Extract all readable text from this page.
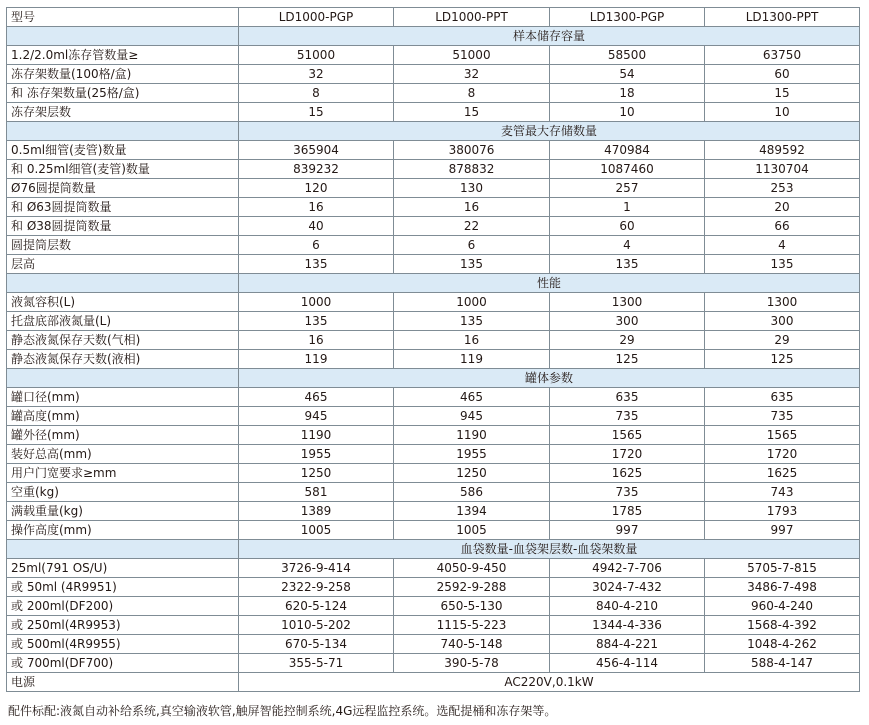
型号	LD1000-PGP	LD1000-PPT	LD1300-PGP	LD1300-PPT
	样本储存容量			
1.2/2.0ml冻存管数量≥	51000	51000	58500	63750
冻存架数量(100格/盒)	32	32	54	60
和 冻存架数量(25格/盒)	8	8	18	15
冻存架层数	15	15	10	10
	麦管最大存储数量			
0.5ml细管(麦管)数量	365904	380076	470984	489592
和 0.25ml细管(麦管)数量	839232	878832	1087460	1130704
Ø76圆提筒数量	120	130	257	253
和 Ø63圆提筒数量	16	16	1	20
和 Ø38圆提筒数量	40	22	60	66
圆提筒层数	6	6	4	4
层高	135	135	135	135
	性能			
液氮容积(L)	1000	1000	1300	1300
托盘底部液氮量(L)	135	135	300	300
静态液氮保存天数(气相)	16	16	29	29
静态液氮保存天数(液相)	119	119	125	125
	罐体参数			
罐口径(mm)	465	465	635	635
罐高度(mm)	945	945	735	735
罐外径(mm)	1190	1190	1565	1565
装好总高(mm)	1955	1955	1720	1720
用户门宽要求≥mm	1250	1250	1625	1625
空重(kg)	581	586	735	743
满载重量(kg)	1389	1394	1785	1793
操作高度(mm)	1005	1005	997	997
	血袋数量-血袋架层数-血袋架数量			
25ml(791 OS/U)	3726-9-414	4050-9-450	4942-7-706	5705-7-815
或 50ml (4R9951)	2322-9-258	2592-9-288	3024-7-432	3486-7-498
或 200ml(DF200)	620-5-124	650-5-130	840-4-210	960-4-240
或 250ml(4R9953)	1010-5-202	1115-5-223	1344-4-336	1568-4-392
或 500ml(4R9955)	670-5-134	740-5-148	884-4-221	1048-4-262
或 700ml(DF700)	355-5-71	390-5-78	456-4-114	588-4-147
电源	AC220V,0.1kW			
配件标配:液氮自动补给系统,真空输液软管,触屏智能控制系统,4G远程监控系统。选配提桶和冻存架等。
